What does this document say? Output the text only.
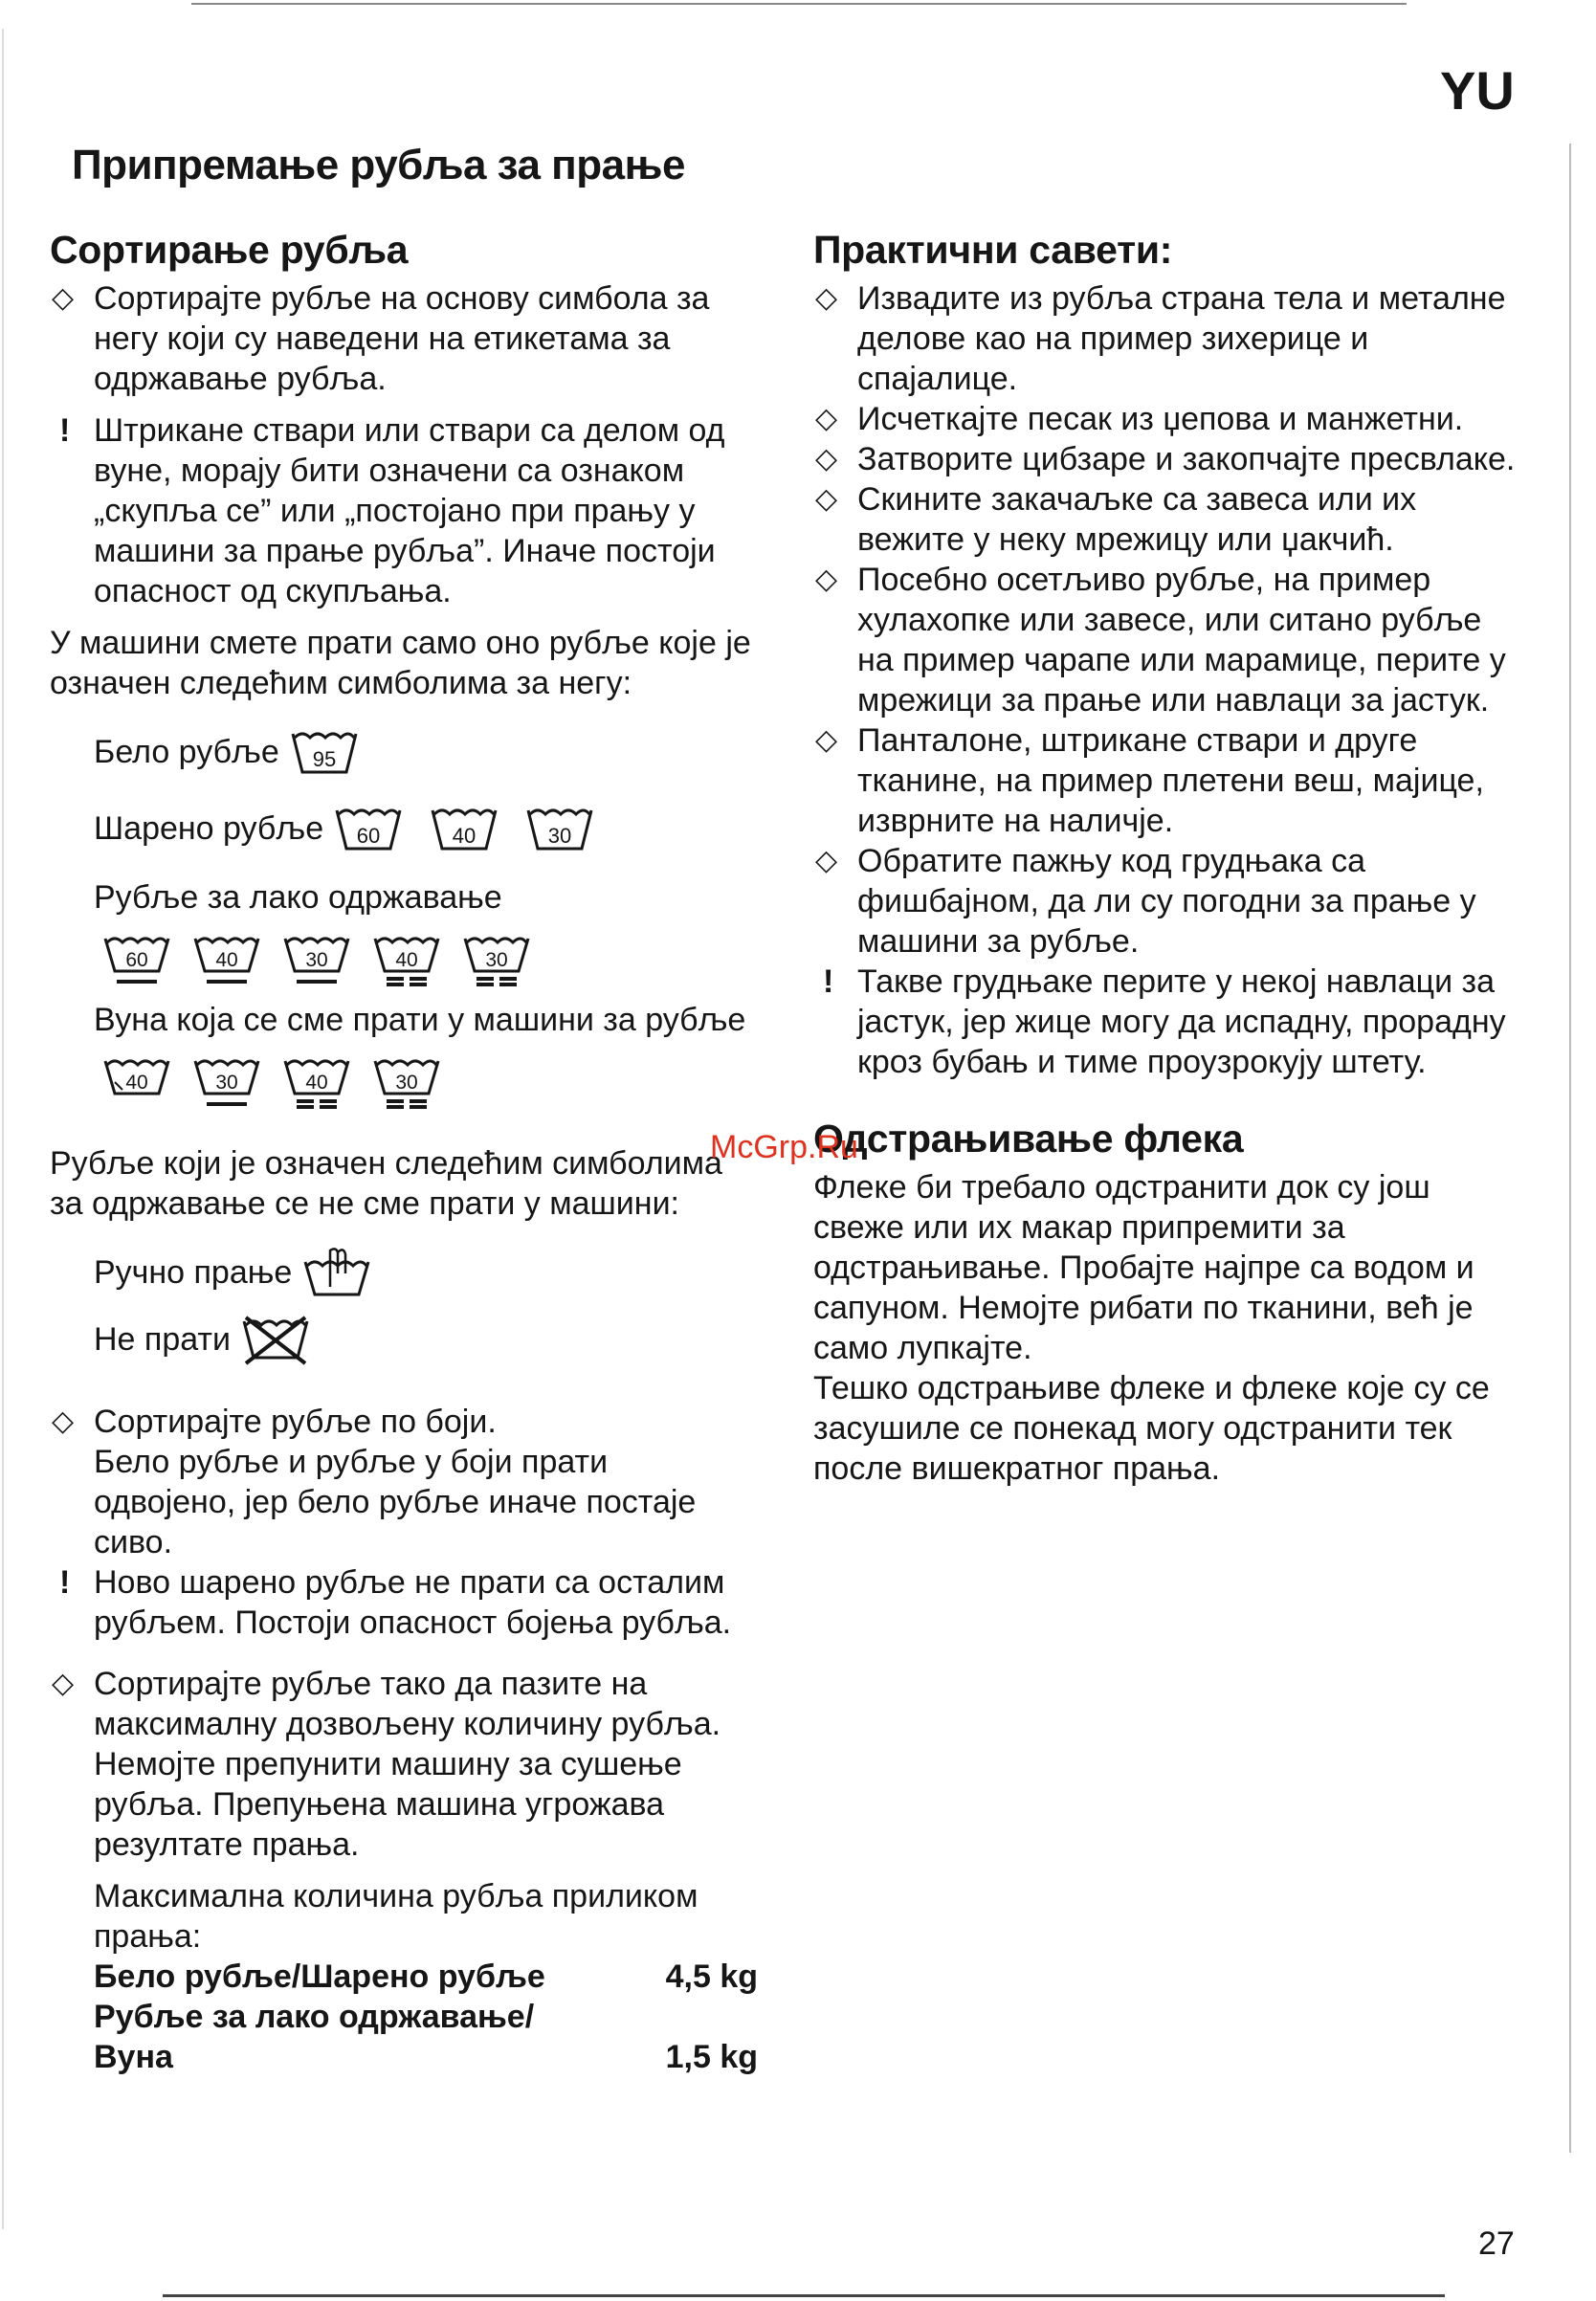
YU
Припремање рубља за прање
Сортирање рубља
◇ Сортирајте рубље на основу симбола за негу који су наведени на етикетама за одржавање рубља.
! Штрикане ствари или ствари са делом од вуне, морају бити означени са ознаком „скупља се” или „постојано при прању у машини за прање рубља”. Иначе постоји опасност од скупљања.
У машини смете прати само оно рубље које је означен следећим симболима за негу:
Бело рубље 95
Шарено рубље 60	40	30
Рубље за лако одржавање
60	40	30	40	30
Вуна која се сме прати у машини за рубље
40	30	40	30
Рубље који је означен следећим симболима за одржавање се не сме прати у машини:
Ручно прање
Не прати
◇ Сортирајте рубље по боји.
Бело рубље и рубље у боји прати одвојено, јер бело рубље иначе постаје сиво.
! Ново шарено рубље не прати са осталим рубљем. Постоји опасност бојења рубља.
◇ Сортирајте рубље тако да пазите на максималну дозвољену количину рубља. Немојте препунити машину за сушење рубља. Препуњена машина угрожава резултате прања.
Максимална количина рубља приликом прања:
Бело рубље/Шарено рубље	4,5 kg
Рубље за лако одржавање/
Вуна	1,5 kg
Практични савети:
◇ Извадите из рубља страна тела и металне делове као на пример зихерице и спајалице.
◇ Исчеткајте песак из џепова и манжетни.
◇ Затворите цибзаре и закопчајте пресвлаке.
◇ Скините закачаљке са завеса или их вежите у неку мрежицу или џакчић.
◇ Посебно осетљиво рубље, на пример хулахопке или завесе, или ситано рубље на пример чарапе или марамице, перите у мрежици за прање или навлаци за јастук.
◇ Панталоне, штрикане ствари и друге тканине, на пример плетени веш, мајице, изврните на наличје.
◇ Обратите пажњу код грудњака са фишбајном, да ли су погодни за прање у машини за рубље.
! Такве грудњаке перите у некој навлаци за јастук, јер жице могу да испадну, прорадну кроз бубањ и тиме проузрокују штету.
Одстрањивање флека
Флеке би требало одстранити док су још свеже или их макар припремити за одстрањивање. Пробајте најпре са водом и сапуном. Немојте рибати по тканини, већ је само лупкајте.
Тешко одстрањиве флеке и флеке које су се засушиле се понекад могу одстранити тек после вишекратног прања.
McGrp.Ru
27
